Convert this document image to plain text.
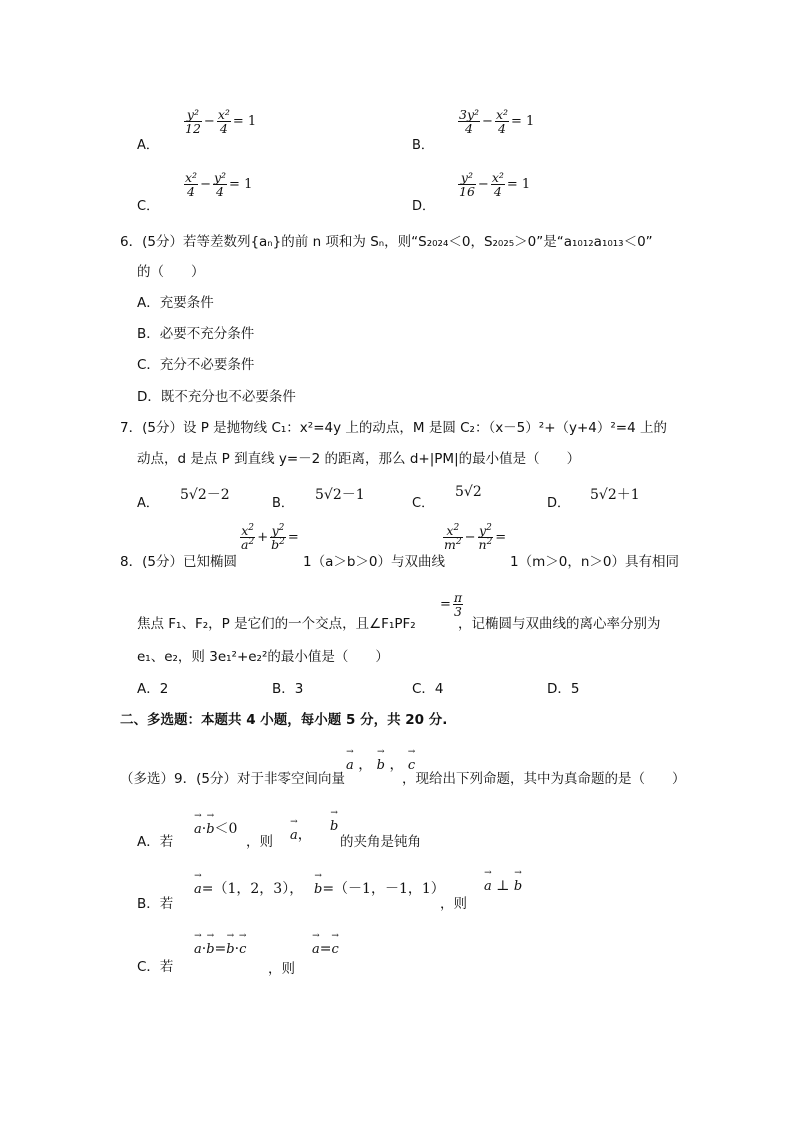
A．
$\frac{\text{y²}}{12} - \frac{\text{x²}}{4} = 1$
B．
$\frac{\text{3y²}}{4} - \frac{\text{x²}}{4} = 1$
C．
$\frac{\text{x²}}{4} - \frac{\text{y²}}{4} = 1$
D．
$\frac{\text{y²}}{16} - \frac{\text{x²}}{4} = 1$
6．(5分）若等差数列{aₙ}的前 n 项和为 Sₙ，则“S₂₀₂₄＜0，S₂₀₂₅＞0”是“a₁₀₁₂a₁₀₁₃＜0”
的（　　）
A．充要条件
B．必要不充分条件
C．充分不必要条件
D．既不充分也不必要条件
7．(5分）设 P 是抛物线 C₁：x²=4y 上的动点，M 是圆 C₂：（x－5）²+（y+4）²=4 上的
动点，d 是点 P 到直线 y=－2 的距离，那么 d+|PM|的最小值是（　　）
A．
5√2－2
B．
5√2－1
C．
5√2
D．
5√2＋1
8．(5分）已知椭圆
$\frac{x^2}{a^2} + \frac{y^2}{b^2}$ =
1（a＞b＞0）与双曲线
$\frac{x^2}{m^2} - \frac{y^2}{n^2}$ =
1（m＞0，n＞0）具有相同
焦点 F₁、F₂，P 是它们的一个交点，且∠F₁PF₂
= $\frac{\pi}{3}$
，记椭圆与双曲线的离心率分别为
e₁、e₂，则 3e₁²+e₂²的最小值是（　　）
A．2	B．3	C．4	D．5
二、多选题：本题共 4 小题，每小题 5 分，共 20 分.
（多选）9．(5分）对于非零空间向量
→ a ， → b ， → c
，现给出下列命题，其中为真命题的是（　　）
A．若
→ a·→ b＜0
，则 → a，
→ b
的夹角是钝角
B．若
→ a=（1，2，3）， → b=（－1，－1，1）
，则
→ a ⊥ → b
C．若
→ a·→ b=→ b·→ c
，则
→ a=→ c
